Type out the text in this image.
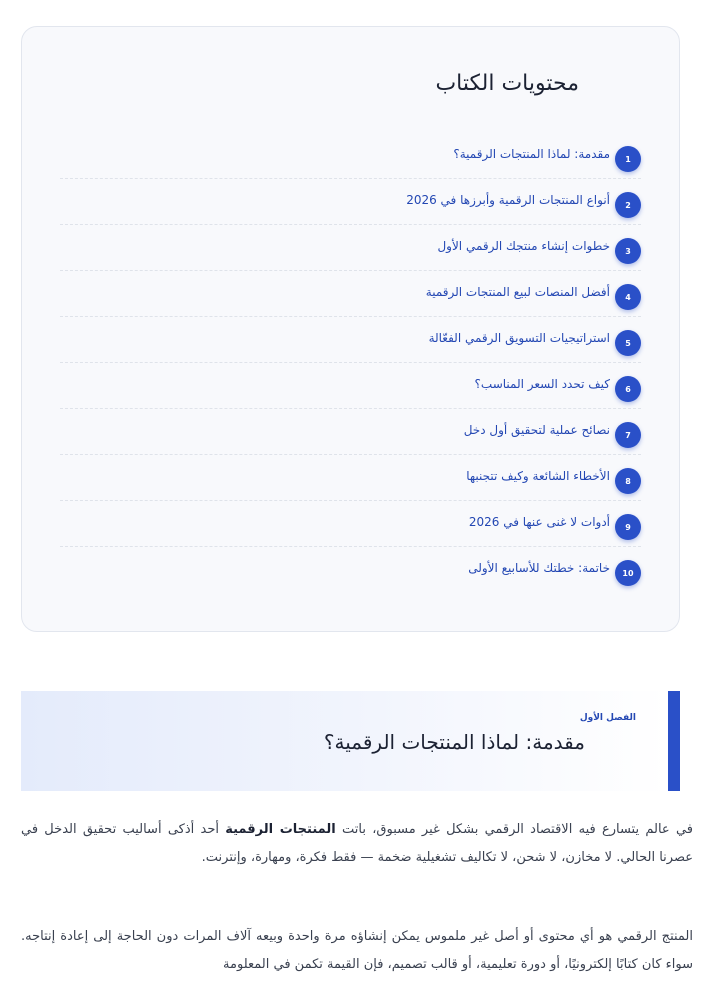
محتويات الكتاب
1
مقدمة: لماذا المنتجات الرقمية؟
2
أنواع المنتجات الرقمية وأبرزها في 2026
3
خطوات إنشاء منتجك الرقمي الأول
4
أفضل المنصات لبيع المنتجات الرقمية
5
استراتيجيات التسويق الرقمي الفعّالة
6
كيف تحدد السعر المناسب؟
7
نصائح عملية لتحقيق أول دخل
8
الأخطاء الشائعة وكيف تتجنبها
9
أدوات لا غنى عنها في 2026
10
خاتمة: خطتك للأسابيع الأولى
الفصل الأول
مقدمة: لماذا المنتجات الرقمية؟

في عالم يتسارع فيه الاقتصاد الرقمي بشكل غير مسبوق، باتت المنتجات الرقمية أحد أذكى أساليب تحقيق الدخل في عصرنا الحالي. لا مخازن، لا شحن، لا تكاليف تشغيلية ضخمة — فقط فكرة، ومهارة، وإنترنت.

المنتج الرقمي هو أي محتوى أو أصل غير ملموس يمكن إنشاؤه مرة واحدة وبيعه آلاف المرات دون الحاجة إلى إعادة إنتاجه. سواء كان كتابًا إلكترونيًا، أو دورة تعليمية، أو قالب تصميم، فإن القيمة تكمن في المعلومة
